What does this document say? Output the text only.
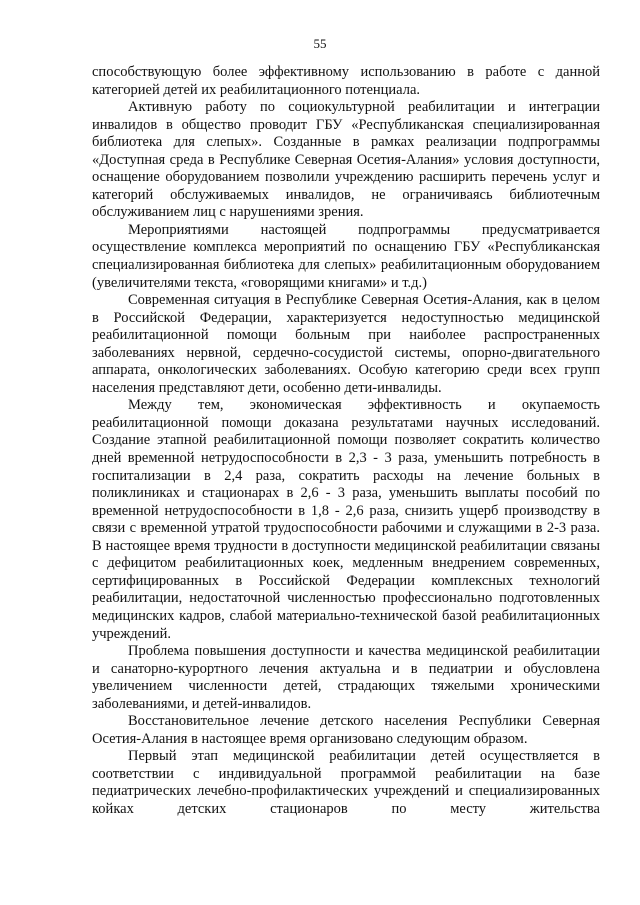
55

способствующую более эффективному использованию в работе с данной категорией детей их реабилитационного потенциала.

Активную работу по социокультурной реабилитации и интеграции инвалидов в общество проводит ГБУ «Республиканская специализированная библиотека для слепых». Созданные в рамках реализации подпрограммы «Доступная среда в Республике Северная Осетия-Алания» условия доступности, оснащение оборудованием позволили учреждению расширить перечень услуг и категорий обслуживаемых инвалидов, не ограничиваясь библиотечным обслуживанием лиц с нарушениями зрения.

Мероприятиями настоящей подпрограммы предусматривается осуществление комплекса мероприятий по оснащению ГБУ «Республиканская специализированная библиотека для слепых» реабилитационным оборудованием (увеличителями текста, «говорящими книгами» и т.д.)

Современная ситуация в Республике Северная Осетия-Алания, как в целом в Российской Федерации, характеризуется недоступностью медицинской реабилитационной помощи больным при наиболее распространенных заболеваниях нервной, сердечно-сосудистой системы, опорно-двигательного аппарата, онкологических заболеваниях. Особую категорию среди всех групп населения представляют дети, особенно дети-инвалиды.

Между тем, экономическая эффективность и окупаемость реабилитационной помощи доказана результатами научных исследований. Создание этапной реабилитационной помощи позволяет сократить количество дней временной нетрудоспособности в 2,3 - 3 раза, уменьшить потребность в госпитализации в 2,4 раза, сократить расходы на лечение больных в поликлиниках и стационарах в 2,6 - 3 раза, уменьшить выплаты пособий по временной нетрудоспособности в 1,8 - 2,6 раза, снизить ущерб производству в связи с временной утратой трудоспособности рабочими и служащими в 2-3 раза. В настоящее время трудности в доступности медицинской реабилитации связаны с дефицитом реабилитационных коек, медленным внедрением современных, сертифицированных в Российской Федерации комплексных технологий реабилитации, недостаточной численностью профессионально подготовленных медицинских кадров, слабой материально-технической базой реабилитационных учреждений.

Проблема повышения доступности и качества медицинской реабилитации и санаторно-курортного лечения актуальна и в педиатрии и обусловлена увеличением численности детей, страдающих тяжелыми хроническими заболеваниями, и детей-инвалидов.

Восстановительное лечение детского населения Республики Северная Осетия-Алания в настоящее время организовано следующим образом.

Первый этап медицинской реабилитации детей осуществляется в соответствии с индивидуальной программой реабилитации на базе педиатрических лечебно-профилактических учреждений и специализированных койках детских стационаров по месту жительства
